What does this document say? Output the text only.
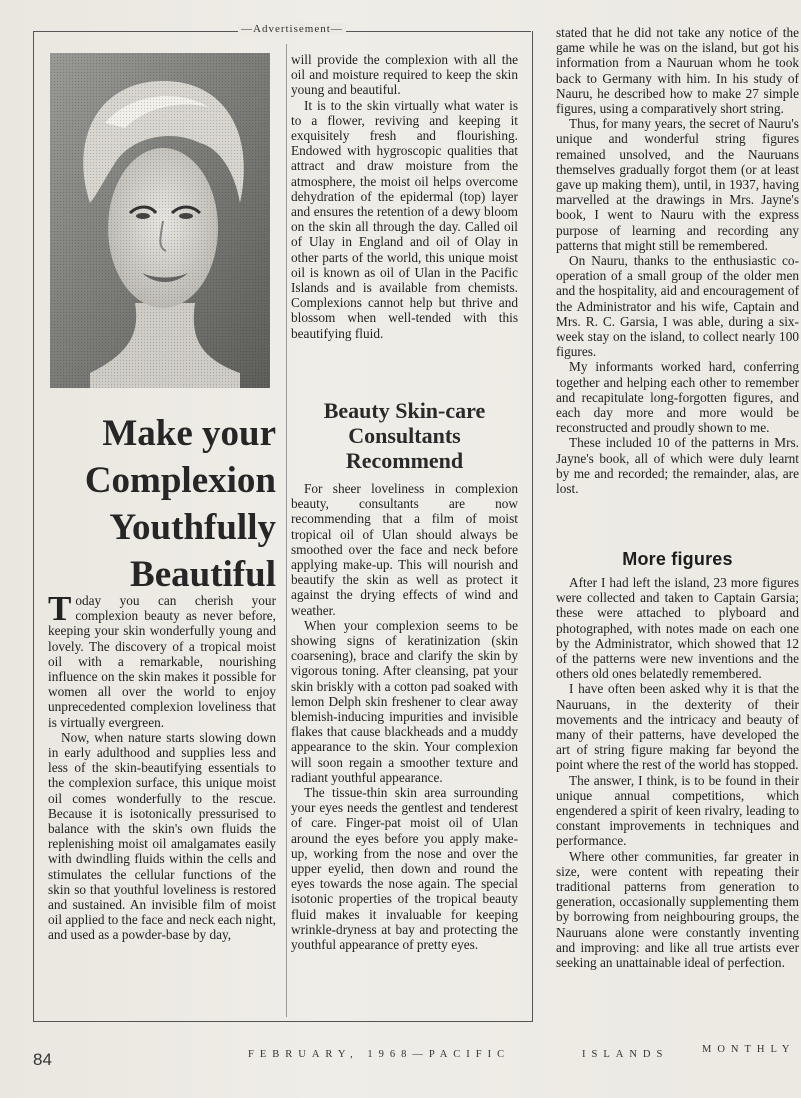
— Advertisement —
Make your
Complexion
Youthfully
Beautiful

Today you can cherish your complexion beauty as never before, keeping your skin wonderfully young and lovely. The discovery of a tropical moist oil with a remarkable, nourishing influence on the skin makes it possible for women all over the world to enjoy unprecedented complexion loveliness that is virtually evergreen.

Now, when nature starts slowing down in early adulthood and supplies less and less of the skin-beautifying essentials to the complexion surface, this unique moist oil comes wonderfully to the rescue. Because it is isotonically pressurised to balance with the skin's own fluids the replenishing moist oil amalgamates easily with dwindling fluids within the cells and stimulates the cellular functions of the skin so that youthful loveliness is restored and sustained. An invisible film of moist oil applied to the face and neck each night, and used as a powder-base by day,

will provide the complexion with all the oil and moisture required to keep the skin young and beautiful.

It is to the skin virtually what water is to a flower, reviving and keeping it exquisitely fresh and flourishing. Endowed with hygroscopic qualities that attract and draw moisture from the atmosphere, the moist oil helps overcome dehydration of the epidermal (top) layer and ensures the retention of a dewy bloom on the skin all through the day. Called oil of Ulay in England and oil of Olay in other parts of the world, this unique moist oil is known as oil of Ulan in the Pacific Islands and is available from chemists. Complexions cannot help but thrive and blossom when well-tended with this beautifying fluid.

Beauty Skin-care
Consultants
Recommend

For sheer loveliness in complexion beauty, consultants are now recommending that a film of moist tropical oil of Ulan should always be smoothed over the face and neck before applying make-up. This will nourish and beautify the skin as well as protect it against the drying effects of wind and weather.

When your complexion seems to be showing signs of keratinization (skin coarsening), brace and clarify the skin by vigorous toning. After cleansing, pat your skin briskly with a cotton pad soaked with lemon Delph skin freshener to clear away blemish-inducing impurities and invisible flakes that cause blackheads and a muddy appearance to the skin. Your complexion will soon regain a smoother texture and radiant youthful appearance.

The tissue-thin skin area surrounding your eyes needs the gentlest and tenderest of care. Finger-pat moist oil of Ulan around the eyes before you apply make-up, working from the nose and over the upper eyelid, then down and round the eyes towards the nose again. The special isotonic properties of the tropical beauty fluid makes it invaluable for keeping wrinkle-dryness at bay and protecting the youthful appearance of pretty eyes.

stated that he did not take any notice of the game while he was on the island, but got his information from a Nauruan whom he took back to Germany with him. In his study of Nauru, he described how to make 27 simple figures, using a comparatively short string.

Thus, for many years, the secret of Nauru's unique and wonderful string figures remained unsolved, and the Nauruans themselves gradually forgot them (or at least gave up making them), until, in 1937, having marvelled at the drawings in Mrs. Jayne's book, I went to Nauru with the express purpose of learning and recording any patterns that might still be remembered.

On Nauru, thanks to the enthusiastic co-operation of a small group of the older men and the hospitality, aid and encouragement of the Administrator and his wife, Captain and Mrs. R. C. Garsia, I was able, during a six-week stay on the island, to collect nearly 100 figures.

My informants worked hard, conferring together and helping each other to remember and recapitulate long-forgotten figures, and each day more and more would be reconstructed and proudly shown to me.

These included 10 of the patterns in Mrs. Jayne's book, all of which were duly learnt by me and recorded; the remainder, alas, are lost.

More figures

After I had left the island, 23 more figures were collected and taken to Captain Garsia; these were attached to plyboard and photographed, with notes made on each one by the Administrator, which showed that 12 of the patterns were new inventions and the others old ones belatedly remembered.

I have often been asked why it is that the Nauruans, in the dexterity of their movements and the intricacy and beauty of many of their patterns, have developed the art of string figure making far beyond the point where the rest of the world has stopped.

The answer, I think, is to be found in their unique annual competitions, which engendered a spirit of keen rivalry, leading to constant improvements in techniques and performance.

Where other communities, far greater in size, were content with repeating their traditional patterns from generation to generation, occasionally supplementing them by borrowing from neighbouring groups, the Nauruans alone were constantly inventing and improving: and like all true artists ever seeking an unattainable ideal of perfection.

84	FEBRUARY, 1968—PACIFIC	ISLANDS	MONTHLY
